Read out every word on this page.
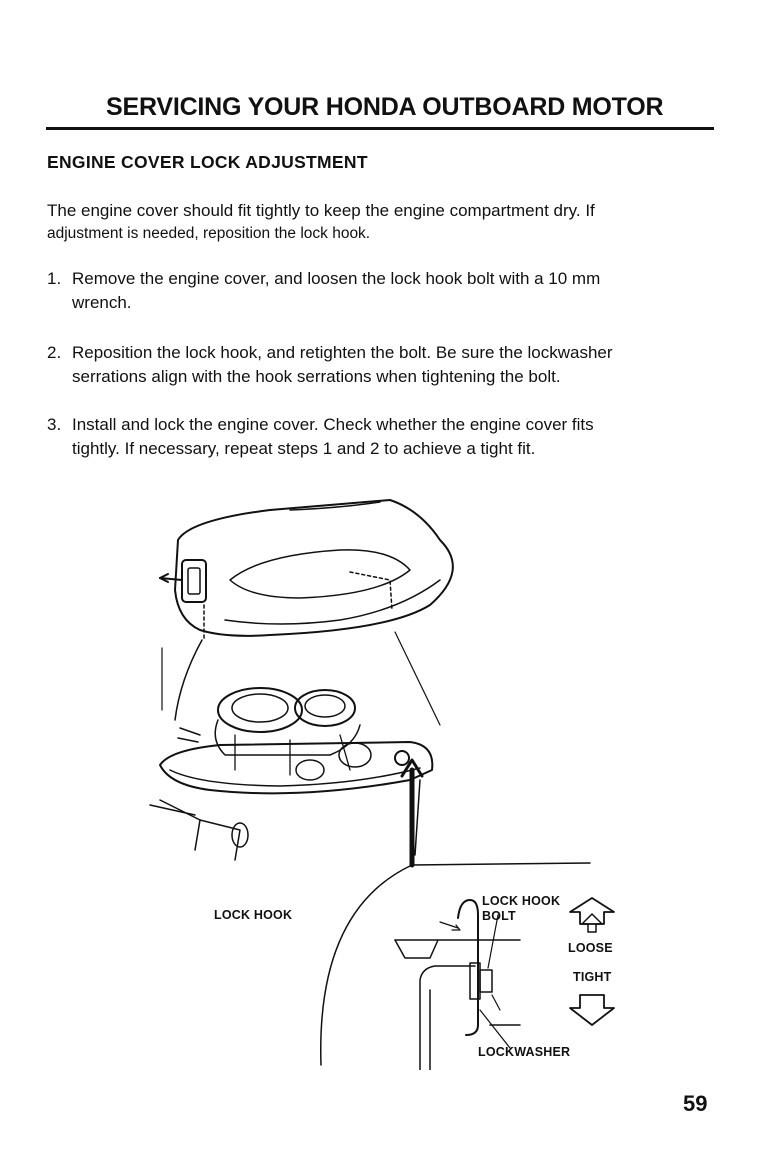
SERVICING YOUR HONDA OUTBOARD MOTOR
ENGINE COVER LOCK ADJUSTMENT
The engine cover should fit tightly to keep the engine compartment dry. If
adjustment is needed, reposition the lock hook.
1. Remove the engine cover, and loosen the lock hook bolt with a 10 mm
wrench.
2. Reposition the lock hook, and retighten the bolt. Be sure the lockwasher
serrations align with the hook serrations when tightening the bolt.
3. Install and lock the engine cover. Check whether the engine cover fits
tightly. If necessary, repeat steps 1 and 2 to achieve a tight fit.
LOCK HOOK
LOCK HOOK
BOLT
LOOSE
TIGHT
LOCKWASHER
59
